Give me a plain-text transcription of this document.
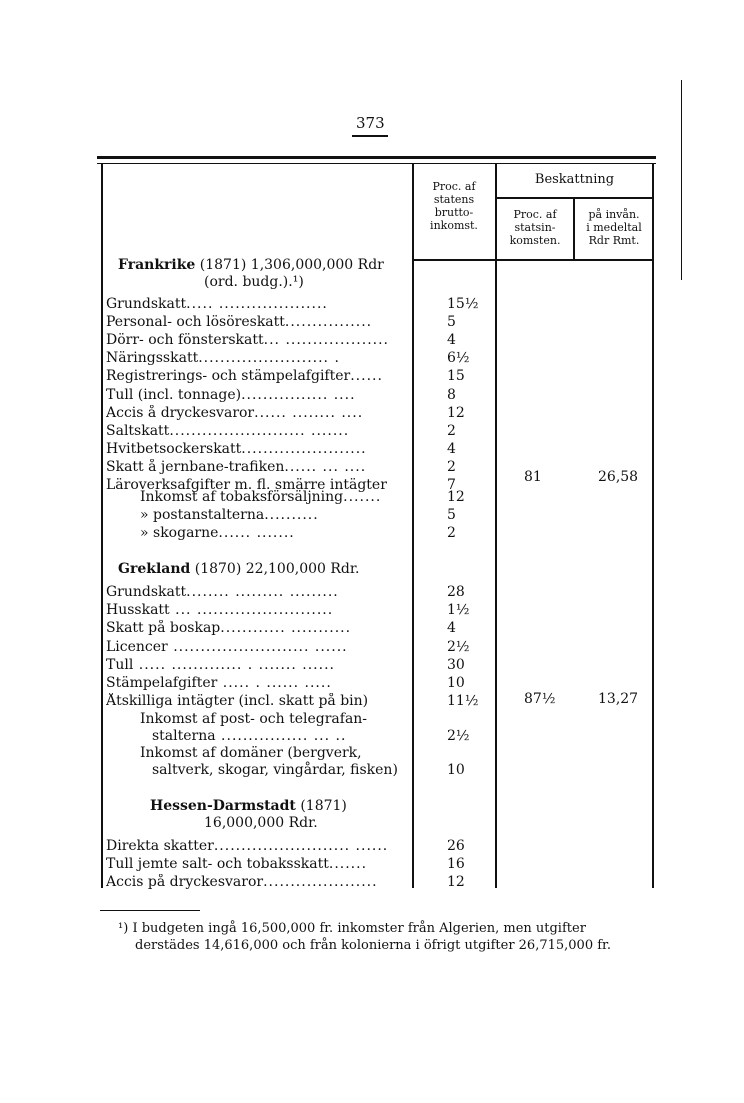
373
Proc. af
statens
brutto-
inkomst.
Beskattning
Proc. af
statsin-
komsten.
på invån.
i medeltal
Rdr Rmt.
Frankrike (1871) 1,306,000,000 Rdr
(ord. budg.).¹)
Grundskatt..... ....................	15½
Personal- och lösöreskatt................	5
Dörr- och fönsterskatt... ...................	4
Näringsskatt........................ .	6½
Registrerings- och stämpelafgifter......	15
Tull (incl. tonnage)................ ....	8
Accis å dryckesvaror...... ........ ....	12
Saltskatt......................... .......	2
Hvitbetsockerskatt.......................	4
Skatt å jernbane-trafiken...... ... ....	2
Läroverksafgifter m. fl. smärre intägter	7
Inkomst af tobaksförsäljning.......	12
» postanstalterna..........	5
» skogarne...... .......	2
81	26,58
Grekland (1870) 22,100,000 Rdr.
Grundskatt........ ......... .........	28
Husskatt ... .........................	1½
Skatt på boskap............ ...........	4
Licencer ......................... ......	2½
Tull ..... ............. . ....... ......	30
Stämpelafgifter ..... . ...... .....	10
Åtskilliga intägter (incl. skatt på bin)	11½
Inkomst af post- och telegrafan-
stalterna ................ ... ..	2½
Inkomst af domäner (bergverk,
saltverk, skogar, vingårdar, fisken)	10
87½	13,27
Hessen-Darmstadt (1871)
16,000,000 Rdr.
Direkta skatter......................... ......	26
Tull jemte salt- och tobaksskatt.......	16
Accis på dryckesvaror.....................	12
¹) I budgeten ingå 16,500,000 fr. inkomster från Algerien, men utgifter
derstädes 14,616,000 och från kolonierna i öfrigt utgifter 26,715,000 fr.
